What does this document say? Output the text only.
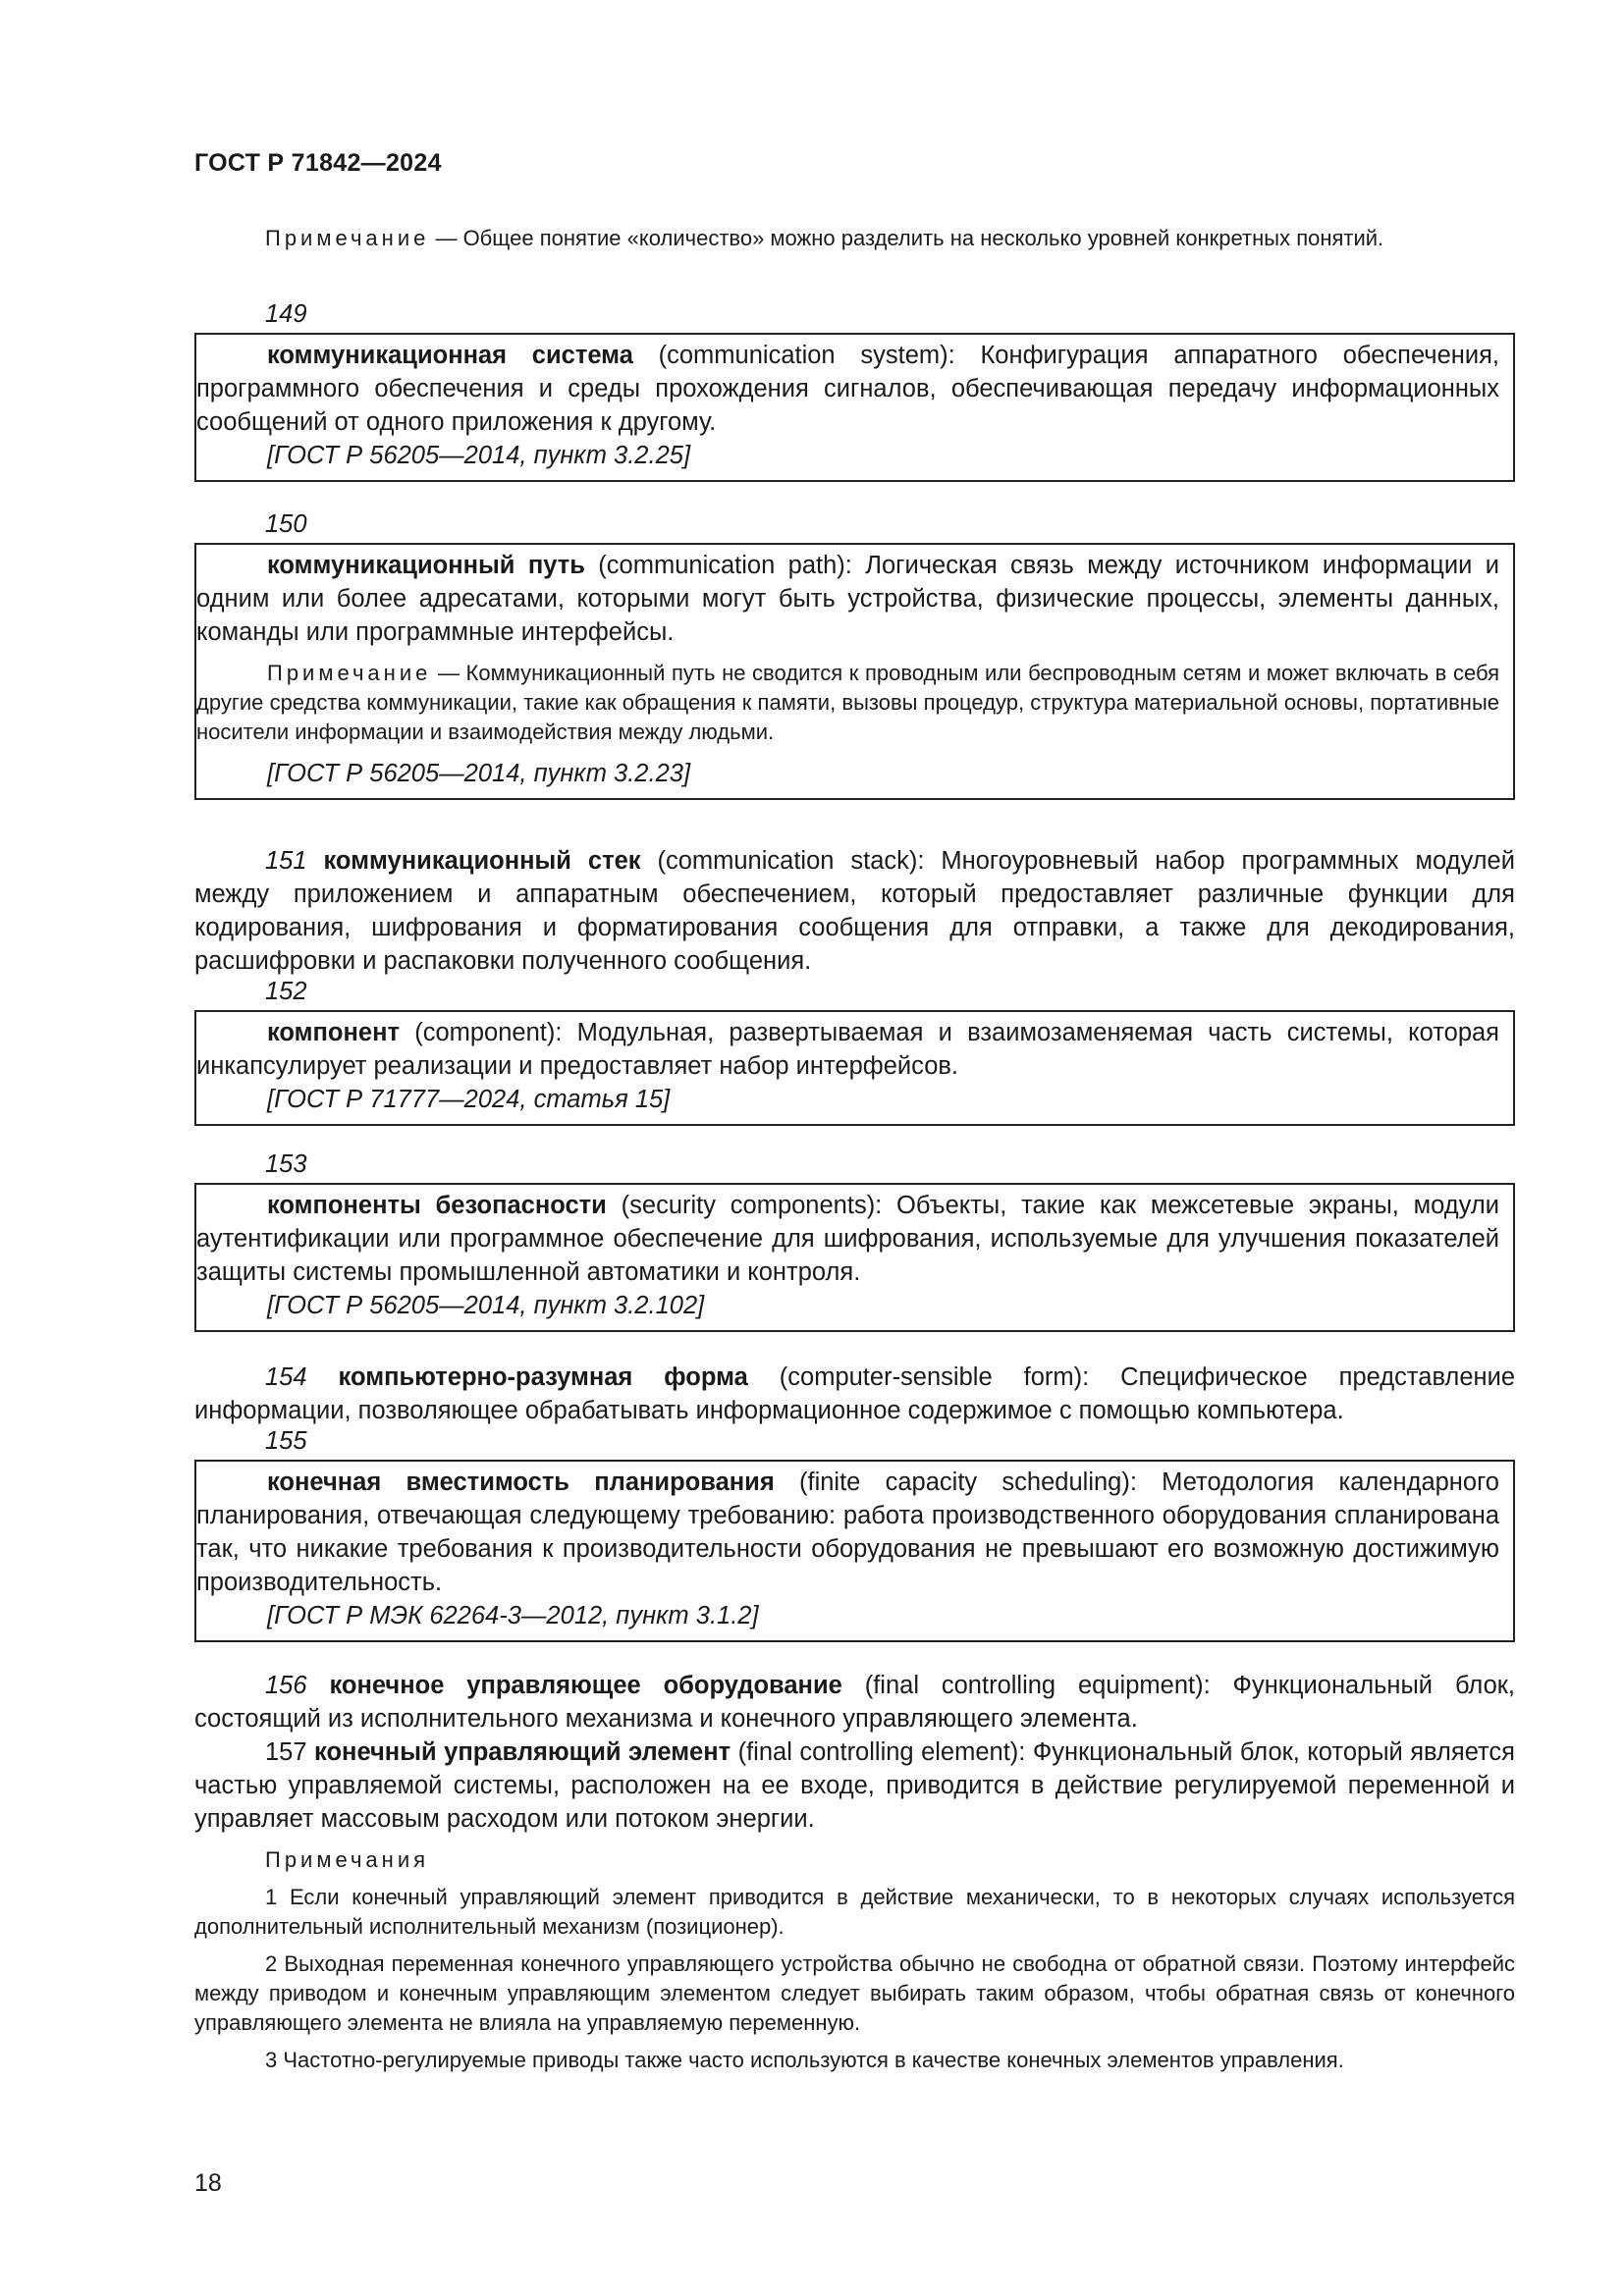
ГОСТ Р 71842—2024

Примечание — Общее понятие «количество» можно разделить на несколько уровней конкретных понятий.

149

коммуникационная система (communication system): Конфигурация аппаратного обеспечения, программного обеспечения и среды прохождения сигналов, обеспечивающая передачу информационных сообщений от одного приложения к другому.

[ГОСТ Р 56205—2014, пункт 3.2.25]
150

коммуникационный путь (communication path): Логическая связь между источником информации и одним или более адресатами, которыми могут быть устройства, физические процессы, элементы данных, команды или программные интерфейсы.

Примечание — Коммуникационный путь не сводится к проводным или беспроводным сетям и может включать в себя другие средства коммуникации, такие как обращения к памяти, вызовы процедур, структура материальной основы, портативные носители информации и взаимодействия между людьми.

[ГОСТ Р 56205—2014, пункт 3.2.23]

151 коммуникационный стек (communication stack): Многоуровневый набор программных модулей между приложением и аппаратным обеспечением, который предоставляет различные функции для кодирования, шифрования и форматирования сообщения для отправки, а также для декодирования, расшифровки и распаковки полученного сообщения.

152

компонент (component): Модульная, развертываемая и взаимозаменяемая часть системы, которая инкапсулирует реализации и предоставляет набор интерфейсов.

[ГОСТ Р 71777—2024, статья 15]
153

компоненты безопасности (security components): Объекты, такие как межсетевые экраны, модули аутентификации или программное обеспечение для шифрования, используемые для улучшения показателей защиты системы промышленной автоматики и контроля.

[ГОСТ Р 56205—2014, пункт 3.2.102]

154 компьютерно-разумная форма (computer-sensible form): Специфическое представление информации, позволяющее обрабатывать информационное содержимое с помощью компьютера.

155

конечная вместимость планирования (finite capacity scheduling): Методология календарного планирования, отвечающая следующему требованию: работа производственного оборудования спланирована так, что никакие требования к производительности оборудования не превышают его возможную достижимую производительность.

[ГОСТ Р МЭК 62264-3—2012, пункт 3.1.2]

156 конечное управляющее оборудование (final controlling equipment): Функциональный блок, состоящий из исполнительного механизма и конечного управляющего элемента.

157 конечный управляющий элемент (final controlling element): Функциональный блок, который является частью управляемой системы, расположен на ее входе, приводится в действие регулируемой переменной и управляет массовым расходом или потоком энергии.

Примечания

1 Если конечный управляющий элемент приводится в действие механически, то в некоторых случаях используется дополнительный исполнительный механизм (позиционер).

2 Выходная переменная конечного управляющего устройства обычно не свободна от обратной связи. Поэтому интерфейс между приводом и конечным управляющим элементом следует выбирать таким образом, чтобы обратная связь от конечного управляющего элемента не влияла на управляемую переменную.

3 Частотно-регулируемые приводы также часто используются в качестве конечных элементов управления.

18
